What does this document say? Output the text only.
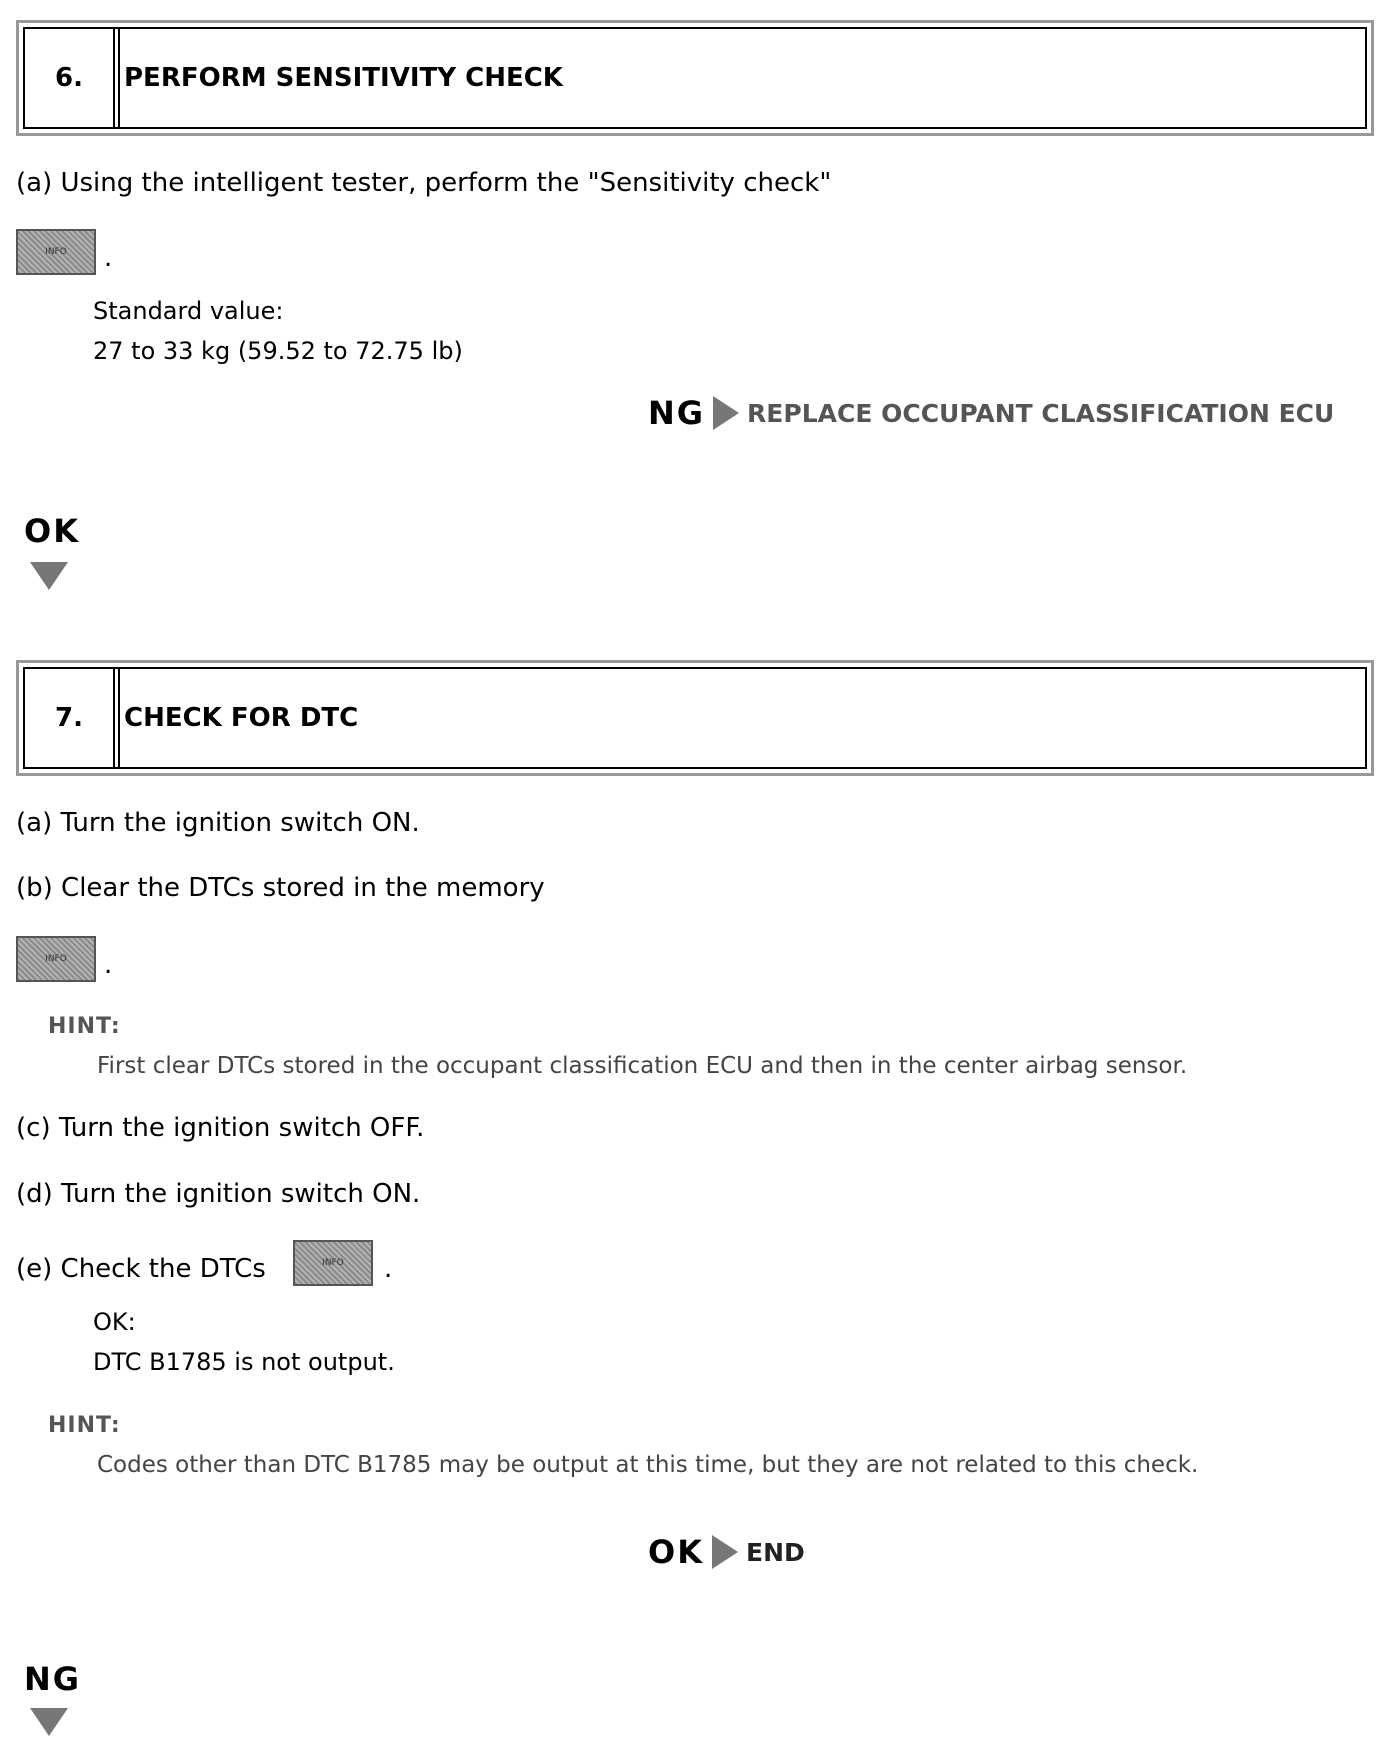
6.	PERFORM SENSITIVITY CHECK
(a) Using the intelligent tester, perform the "Sensitivity check"
INFO .
Standard value:
27 to 33 kg (59.52 to 72.75 lb)
NG REPLACE OCCUPANT CLASSIFICATION ECU
OK
7.	CHECK FOR DTC
(a) Turn the ignition switch ON.
(b) Clear the DTCs stored in the memory
INFO .
HINT:
First clear DTCs stored in the occupant classification ECU and then in the center airbag sensor.
(c) Turn the ignition switch OFF.
(d) Turn the ignition switch ON.
(e) Check the DTCs	INFO .
OK:
DTC B1785 is not output.
HINT:
Codes other than DTC B1785 may be output at this time, but they are not related to this check.
OK END
NG
